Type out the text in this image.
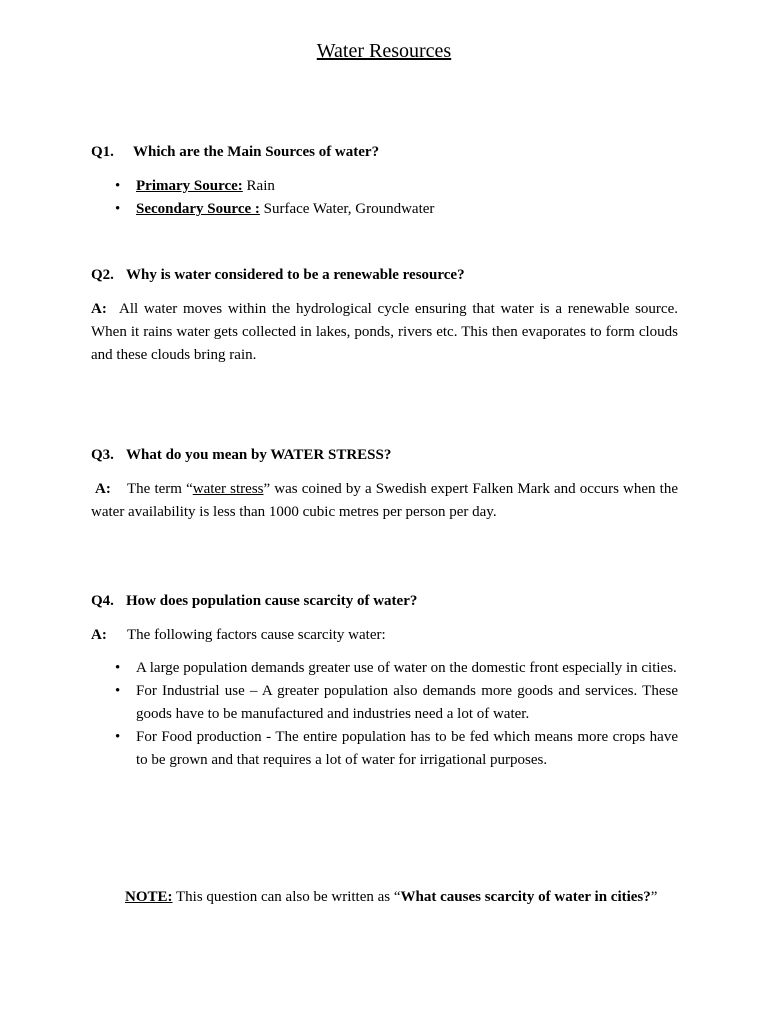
Water Resources
Q1. Which are the Main Sources of water?
• Primary Source: Rain
• Secondary Source : Surface Water, Groundwater
Q2. Why is water considered to be a renewable resource?
A: All water moves within the hydrological cycle ensuring that water is a renewable source. When it rains water gets collected in lakes, ponds, rivers etc. This then evaporates to form clouds and these clouds bring rain.
Q3. What do you mean by WATER STRESS?
A: The term “water stress” was coined by a Swedish expert Falken Mark and occurs when the water availability is less than 1000 cubic metres per person per day.
Q4. How does population cause scarcity of water?
A: The following factors cause scarcity water:
• A large population demands greater use of water on the domestic front especially in cities.
• For Industrial use – A greater population also demands more goods and services. These goods have to be manufactured and industries need a lot of water.
• For Food production - The entire population has to be fed which means more crops have to be grown and that requires a lot of water for irrigational purposes.
NOTE: This question can also be written as “What causes scarcity of water in cities?”
